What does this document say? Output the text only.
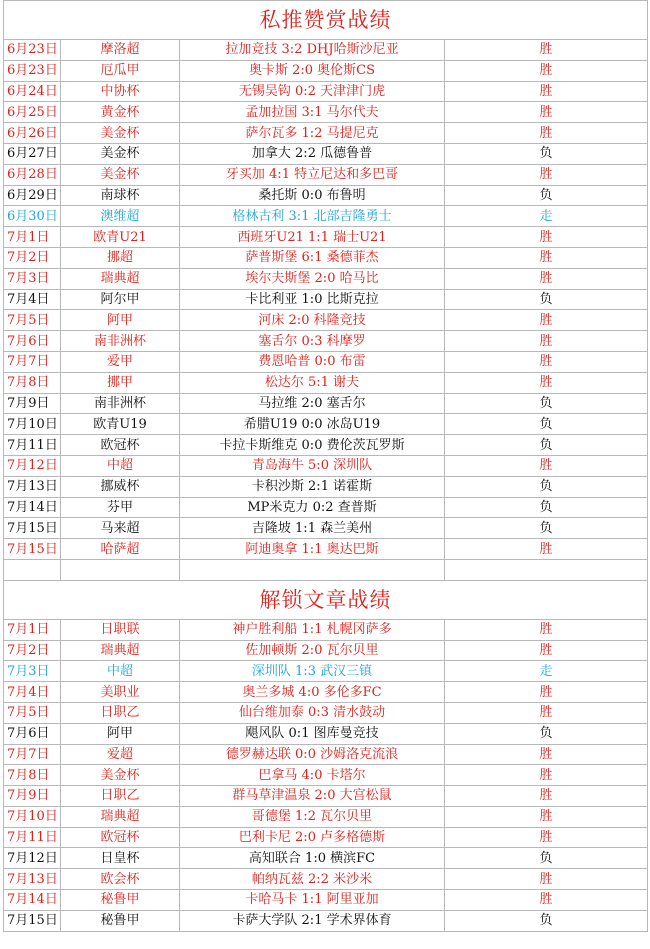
私推赞赏战绩			
6月23日	摩洛超	拉加竞技 3:2 DHJ哈斯沙尼亚	胜
6月23日	厄瓜甲	奥卡斯 2:0 奥伦斯CS	胜
6月24日	中协杯	无锡吴钩 0:2 天津津门虎	胜
6月25日	黄金杯	孟加拉国 3:1 马尔代夫	胜
6月26日	美金杯	萨尔瓦多 1:2 马提尼克	胜
6月27日	美金杯	加拿大 2:2 瓜德鲁普	负
6月28日	美金杯	牙买加 4:1 特立尼达和多巴哥	胜
6月29日	南球杯	桑托斯 0:0 布鲁明	负
6月30日	澳维超	格林古利 3:1 北部吉隆勇士	走
7月1日	欧青U21	西班牙U21 1:1 瑞士U21	胜
7月2日	挪超	萨普斯堡 6:1 桑德菲杰	胜
7月3日	瑞典超	埃尔夫斯堡 2:0 哈马比	胜
7月4日	阿尔甲	卡比利亚 1:0 比斯克拉	负
7月5日	阿甲	河床 2:0 科隆竞技	胜
7月6日	南非洲杯	塞舌尔 0:3 科摩罗	胜
7月7日	爱甲	费恩哈普 0:0 布雷	胜
7月8日	挪甲	松达尔 5:1 谢夫	胜
7月9日	南非洲杯	马拉维 2:0 塞舌尔	负
7月10日	欧青U19	希腊U19 0:0 冰岛U19	负
7月11日	欧冠杯	卡拉卡斯维克 0:0 费伦茨瓦罗斯	负
7月12日	中超	青岛海牛 5:0 深圳队	胜
7月13日	挪威杯	卡积沙斯 2:1 诺霍斯	负
7月14日	芬甲	MP米克力 0:2 查普斯	负
7月15日	马来超	吉隆坡 1:1 森兰美州	负
7月15日	哈萨超	阿迪奥拿 1:1 奥达巴斯	胜

解锁文章战绩			
7月1日	日职联	神户胜利船 1:1 札幌冈萨多	胜
7月2日	瑞典超	佐加顿斯 2:0 瓦尔贝里	胜
7月3日	中超	深圳队 1:3 武汉三镇	走
7月4日	美职业	奥兰多城 4:0 多伦多FC	胜
7月5日	日职乙	仙台维加泰 0:3 清水鼓动	胜
7月6日	阿甲	飓风队 0:1 图库曼竞技	负
7月7日	爱超	德罗赫达联 0:0 沙姆洛克流浪	胜
7月8日	美金杯	巴拿马 4:0 卡塔尔	胜
7月9日	日职乙	群马草津温泉 2:0 大宫松鼠	胜
7月10日	瑞典超	哥德堡 1:2 瓦尔贝里	胜
7月11日	欧冠杯	巴利卡尼 2:0 卢多格德斯	胜
7月12日	日皇杯	高知联合 1:0 横滨FC	负
7月13日	欧会杯	帕纳瓦兹 2:2 米沙米	胜
7月14日	秘鲁甲	卡哈马卡 1:1 阿里亚加	胜
7月15日	秘鲁甲	卡萨大学队 2:1 学术界体育	负
